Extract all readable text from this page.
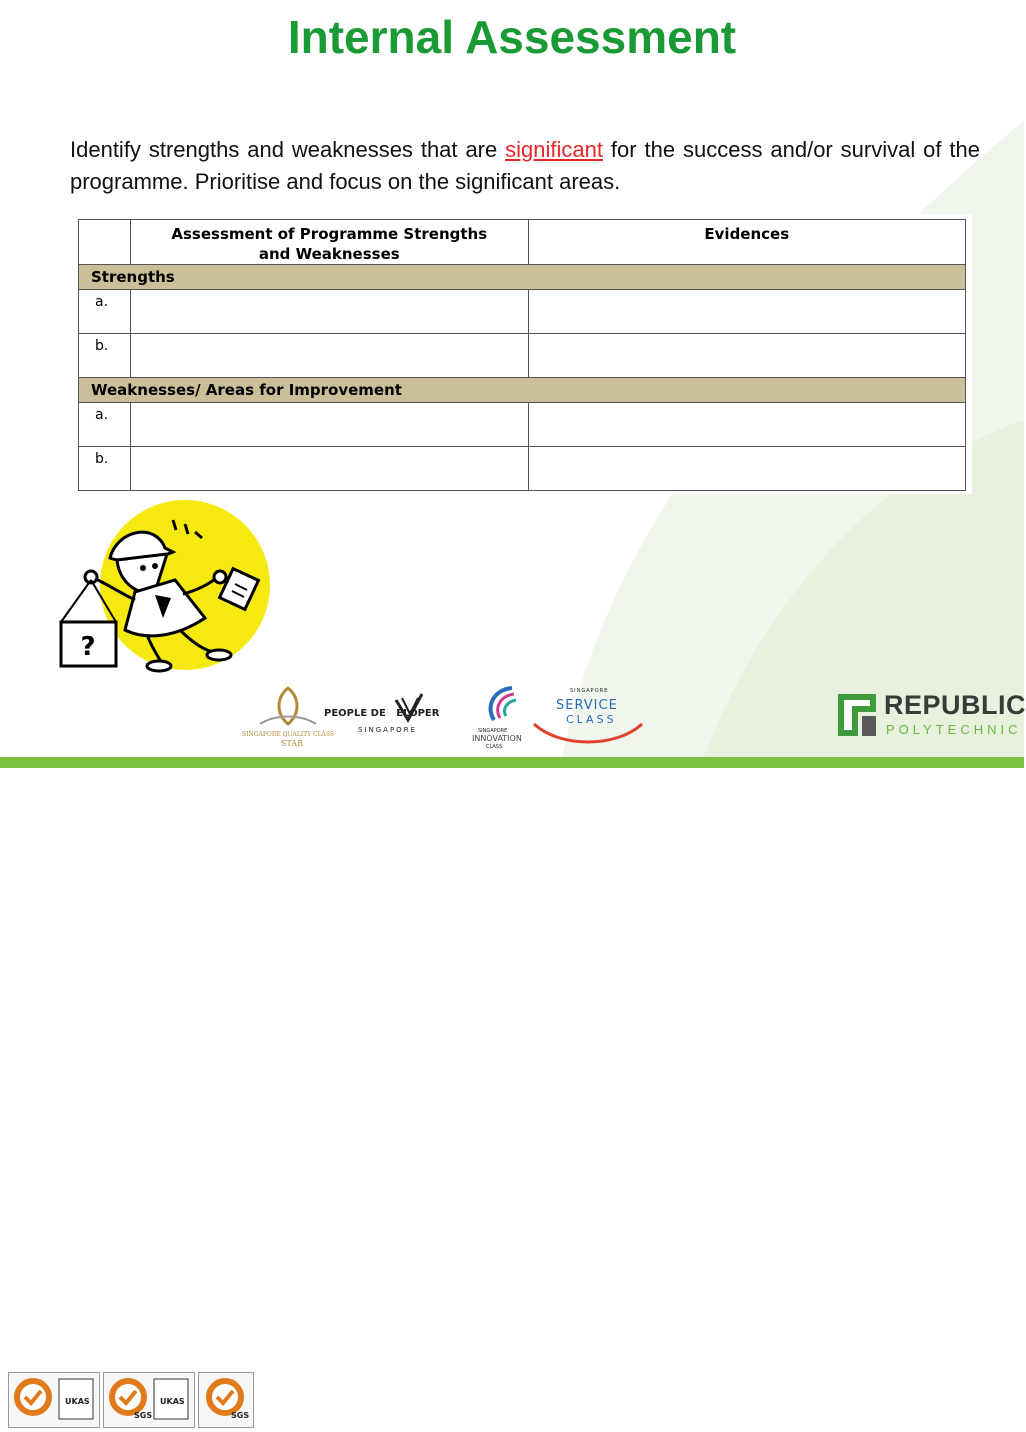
Internal Assessment
Identify strengths and weaknesses that are significant for the success and/or survival of the programme. Prioritise and focus on the significant areas.

	Assessment of Programme Strengths and Weaknesses	Evidences

Strengths		
a.		
b.		
Weaknesses/ Areas for Improvement		
a.		
b.		
?
UKAS	UKAS
SGS	SGS
SINGAPORE QUALITY CLASS
STAR
PEOPLE DE   ELOPER
SINGAPORE	SINGAPORE
INNOVATION
CLASS
SINGAPORE
SERVICE
CLASS	REPUBLIC
POLYTECHNIC
